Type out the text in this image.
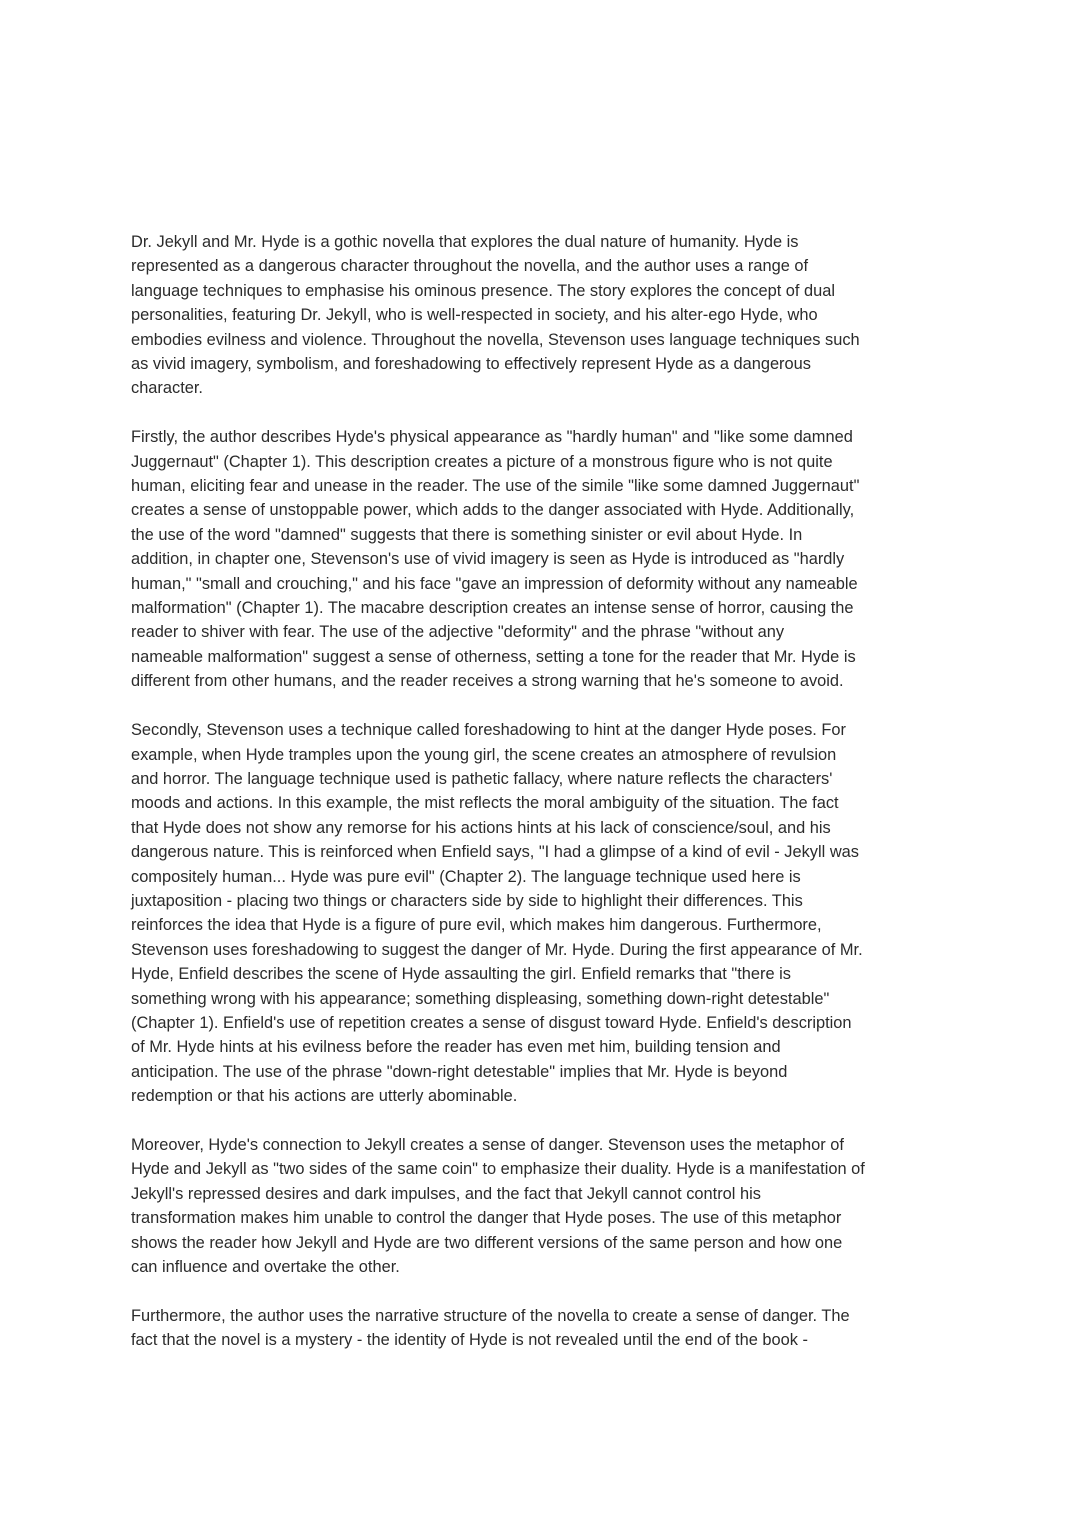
Dr. Jekyll and Mr. Hyde is a gothic novella that explores the dual nature of humanity. Hyde is
represented as a dangerous character throughout the novella, and the author uses a range of
language techniques to emphasise his ominous presence. The story explores the concept of dual
personalities, featuring Dr. Jekyll, who is well-respected in society, and his alter-ego Hyde, who
embodies evilness and violence. Throughout the novella, Stevenson uses language techniques such
as vivid imagery, symbolism, and foreshadowing to effectively represent Hyde as a dangerous
character.
Firstly, the author describes Hyde's physical appearance as "hardly human" and "like some damned
Juggernaut" (Chapter 1). This description creates a picture of a monstrous figure who is not quite
human, eliciting fear and unease in the reader. The use of the simile "like some damned Juggernaut"
creates a sense of unstoppable power, which adds to the danger associated with Hyde. Additionally,
the use of the word "damned" suggests that there is something sinister or evil about Hyde. In
addition, in chapter one, Stevenson's use of vivid imagery is seen as Hyde is introduced as "hardly
human," "small and crouching," and his face "gave an impression of deformity without any nameable
malformation" (Chapter 1). The macabre description creates an intense sense of horror, causing the
reader to shiver with fear. The use of the adjective "deformity" and the phrase "without any
nameable malformation" suggest a sense of otherness, setting a tone for the reader that Mr. Hyde is
different from other humans, and the reader receives a strong warning that he's someone to avoid.
Secondly, Stevenson uses a technique called foreshadowing to hint at the danger Hyde poses. For
example, when Hyde tramples upon the young girl, the scene creates an atmosphere of revulsion
and horror. The language technique used is pathetic fallacy, where nature reflects the characters'
moods and actions. In this example, the mist reflects the moral ambiguity of the situation. The fact
that Hyde does not show any remorse for his actions hints at his lack of conscience/soul, and his
dangerous nature. This is reinforced when Enfield says, "I had a glimpse of a kind of evil - Jekyll was
compositely human... Hyde was pure evil" (Chapter 2). The language technique used here is
juxtaposition - placing two things or characters side by side to highlight their differences. This
reinforces the idea that Hyde is a figure of pure evil, which makes him dangerous. Furthermore,
Stevenson uses foreshadowing to suggest the danger of Mr. Hyde. During the first appearance of Mr.
Hyde, Enfield describes the scene of Hyde assaulting the girl. Enfield remarks that "there is
something wrong with his appearance; something displeasing, something down-right detestable"
(Chapter 1). Enfield's use of repetition creates a sense of disgust toward Hyde. Enfield's description
of Mr. Hyde hints at his evilness before the reader has even met him, building tension and
anticipation. The use of the phrase "down-right detestable" implies that Mr. Hyde is beyond
redemption or that his actions are utterly abominable.
Moreover, Hyde's connection to Jekyll creates a sense of danger. Stevenson uses the metaphor of
Hyde and Jekyll as "two sides of the same coin" to emphasize their duality. Hyde is a manifestation of
Jekyll's repressed desires and dark impulses, and the fact that Jekyll cannot control his
transformation makes him unable to control the danger that Hyde poses. The use of this metaphor
shows the reader how Jekyll and Hyde are two different versions of the same person and how one
can influence and overtake the other.
Furthermore, the author uses the narrative structure of the novella to create a sense of danger. The
fact that the novel is a mystery - the identity of Hyde is not revealed until the end of the book -
